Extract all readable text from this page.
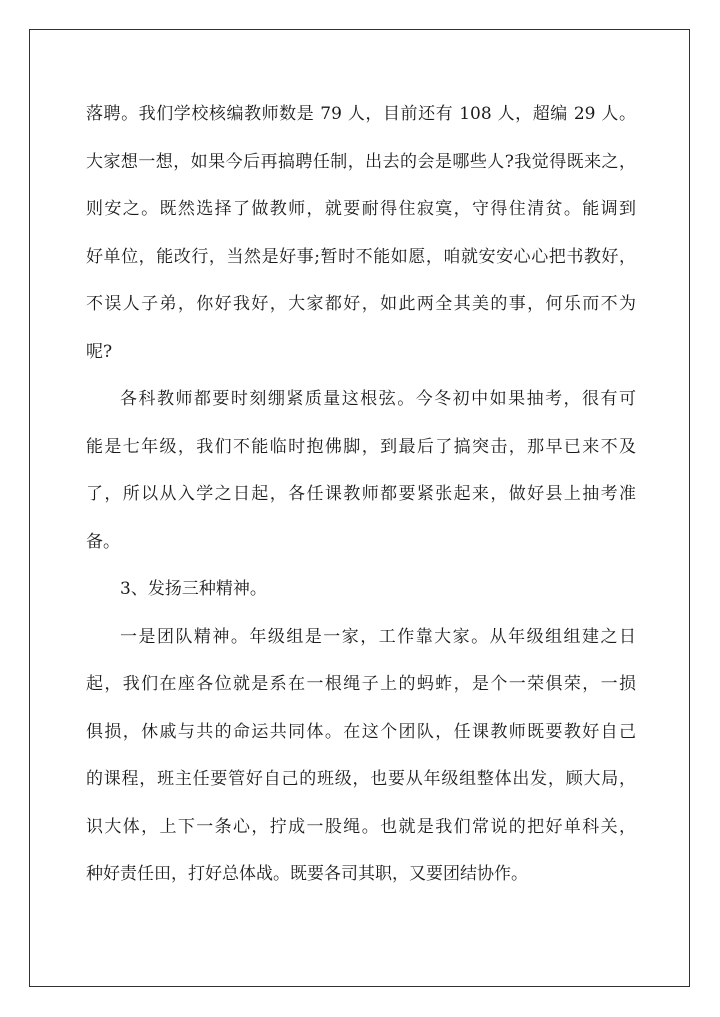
落聘。我们学校核编教师数是 79 人，目前还有 108 人，超编 29 人。
大家想一想，如果今后再搞聘任制，出去的会是哪些人?我觉得既来之，
则安之。既然选择了做教师，就要耐得住寂寞，守得住清贫。能调到
好单位，能改行，当然是好事;暂时不能如愿，咱就安安心心把书教好，
不误人子弟，你好我好，大家都好，如此两全其美的事，何乐而不为
呢?
各科教师都要时刻绷紧质量这根弦。今冬初中如果抽考，很有可
能是七年级，我们不能临时抱佛脚，到最后了搞突击，那早已来不及
了，所以从入学之日起，各任课教师都要紧张起来，做好县上抽考准
备。
3、发扬三种精神。
一是团队精神。年级组是一家，工作靠大家。从年级组组建之日
起，我们在座各位就是系在一根绳子上的蚂蚱，是个一荣俱荣，一损
俱损，休戚与共的命运共同体。在这个团队，任课教师既要教好自己
的课程，班主任要管好自己的班级，也要从年级组整体出发，顾大局，
识大体，上下一条心，拧成一股绳。也就是我们常说的把好单科关，
种好责任田，打好总体战。既要各司其职，又要团结协作。
